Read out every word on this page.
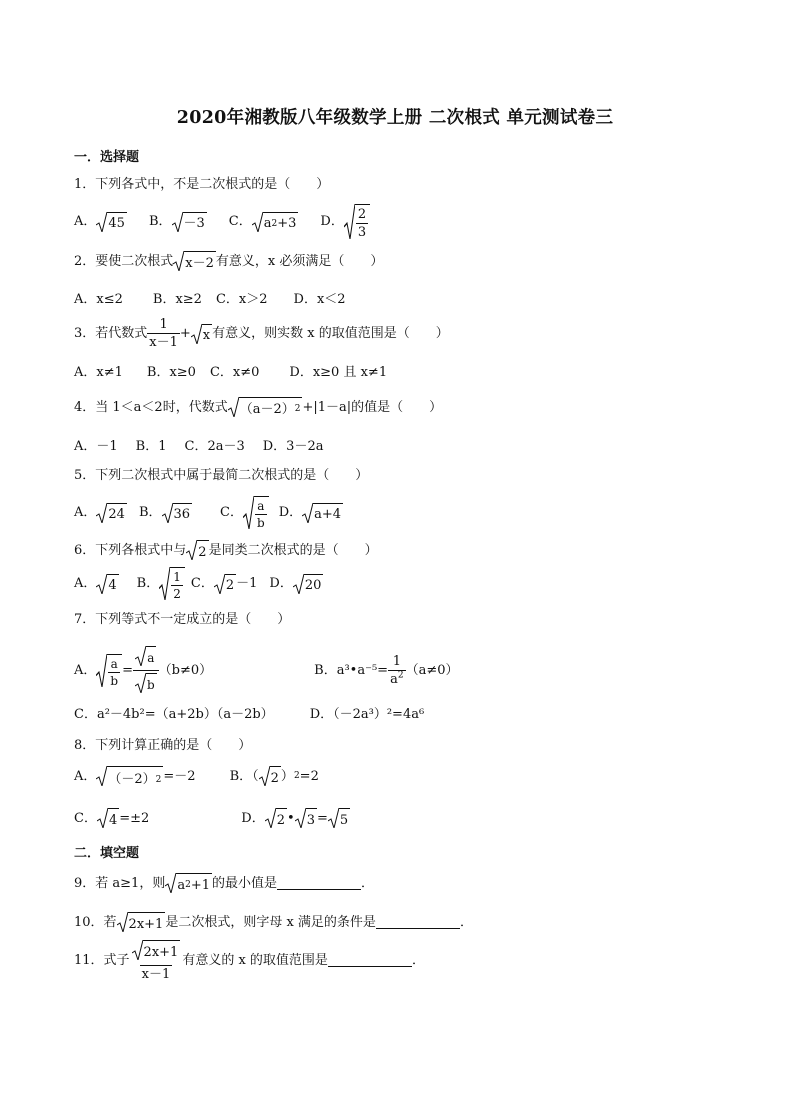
2020年湘教版八年级数学上册 二次根式 单元测试卷三
一．选择题
1．下列各式中，不是二次根式的是（　　）
A． 45 B． －3 C． a 2 +3 D． 2
3
2．要使二次根式 x－2 有意义，x 必须满足（　　）
A．x≤2 B．x≥2 C．x＞2 D．x＜2
3．若代数式
1
x－1
+ x 有意义，则实数 x 的取值范围是（　　）
A．x≠1 B．x≥0 C．x≠0 D．x≥0 且 x≠1
4．当 1＜a＜2时，代数式 （a－2） 2 +|1－a|的值是（　　）
A．－1 B．1 C．2a－3 D．3－2a
5．下列二次根式中属于最简二次根式的是（　　）
A． 24 B． 36 C． a
b
D． a+4
6．下列各根式中与 2 是同类二次根式的是（　　）
A． 4 B． 1
2
C． 2 －1 D． 20
7．下列等式不一定成立的是（　　）
A． a
b
= $\frac{a}{b} (b\ne 0)$	B．a³•a⁻⁵= $\frac{1}{a^2} (a\ne 0)$
C．a²－4b²=（a+2b）（a－2b）	D．（－2a³）²=4a⁶
8．下列计算正确的是（　　）
A． （－2） 2 =－2	B．（ 2 ） 2 =2
C． 4 =±2	D． 2 • 3 = 5
二．填空题
9．若 a≥1，则 a 2 +1 的最小值是	．
10．若 2x+1 是二次根式，则字母 x 满足的条件是	．
11．式子
2x+1
x－1
有意义的 x 的取值范围是	．
